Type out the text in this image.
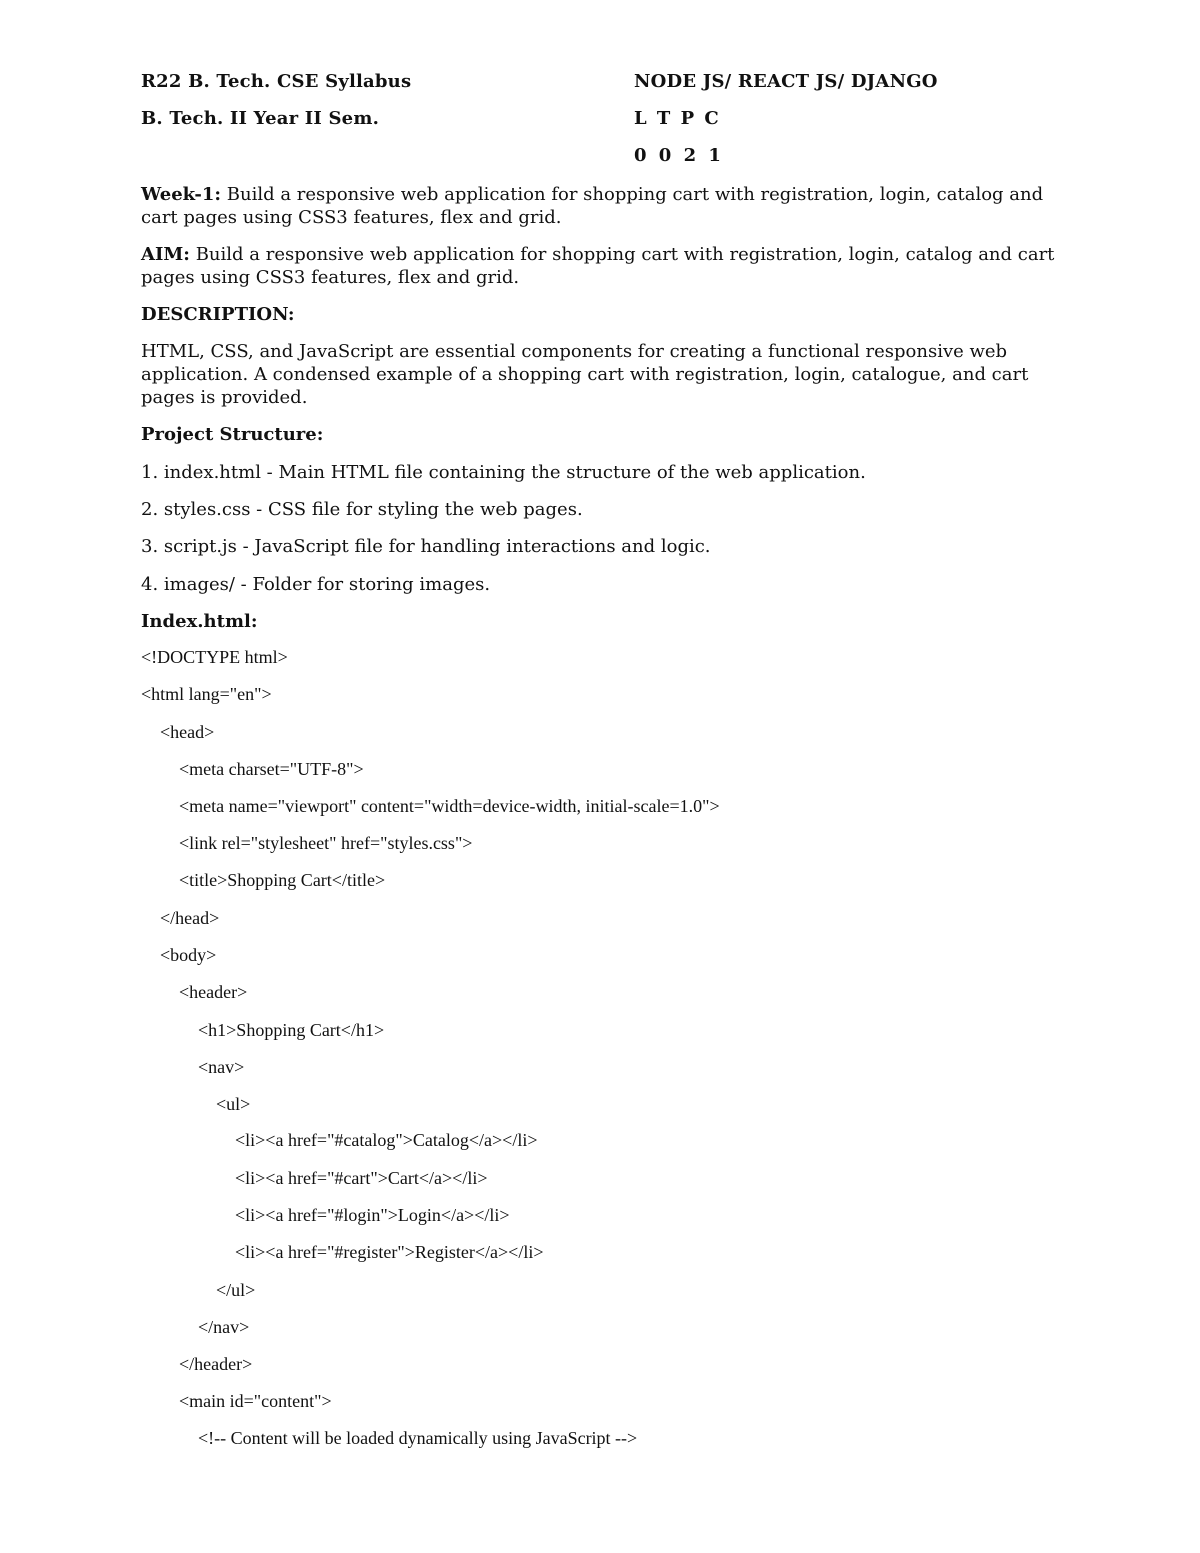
R22 B. Tech. CSE Syllabus
B. Tech. II Year II Sem.
NODE JS/ REACT JS/ DJANGO
L T P C
0 0 2 1
Week-1: Build a responsive web application for shopping cart with registration, login, catalog and cart pages using CSS3 features, flex and grid.
AIM: Build a responsive web application for shopping cart with registration, login, catalog and cart pages using CSS3 features, flex and grid.
DESCRIPTION:
HTML, CSS, and JavaScript are essential components for creating a functional responsive web application. A condensed example of a shopping cart with registration, login, catalogue, and cart pages is provided.
Project Structure:
1. index.html - Main HTML file containing the structure of the web application.
2. styles.css - CSS file for styling the web pages.
3. script.js - JavaScript file for handling interactions and logic.
4. images/ - Folder for storing images.
Index.html:
<!DOCTYPE html>
<html lang="en">
<head>
<meta charset="UTF-8">
<meta name="viewport" content="width=device-width, initial-scale=1.0">
<link rel="stylesheet" href="styles.css">
<title>Shopping Cart</title>
</head>
<body>
<header>
<h1>Shopping Cart</h1>
<nav>
<ul>
<li><a href="#catalog">Catalog</a></li>
<li><a href="#cart">Cart</a></li>
<li><a href="#login">Login</a></li>
<li><a href="#register">Register</a></li>
</ul>
</nav>
</header>
<main id="content">
<!-- Content will be loaded dynamically using JavaScript -->
